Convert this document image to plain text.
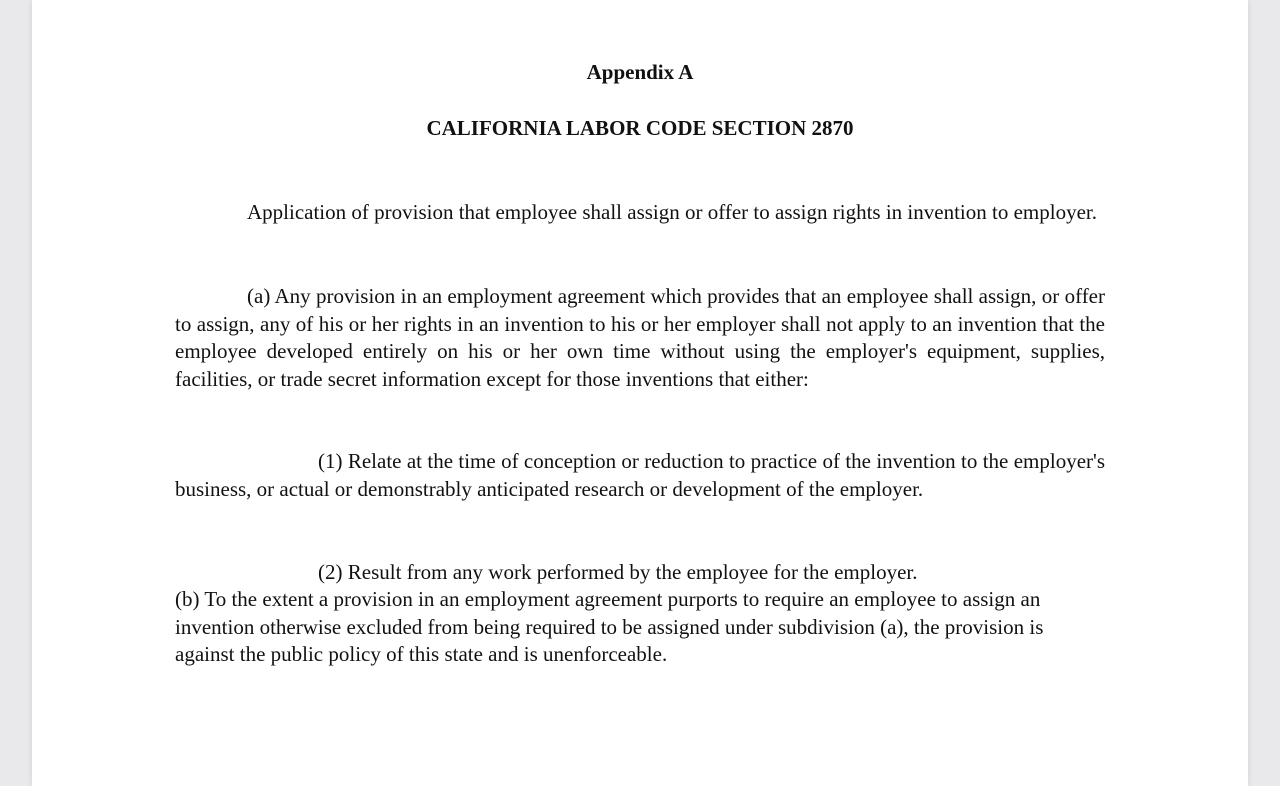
Appendix A
CALIFORNIA LABOR CODE SECTION 2870

Application of provision that employee shall assign or offer to assign rights in invention to employer.

(a) Any provision in an employment agreement which provides that an employee shall assign, or offer to assign, any of his or her rights in an invention to his or her employer shall not apply to an invention that the employee developed entirely on his or her own time without using the employer's equipment, supplies, facilities, or trade secret information except for those inventions that either:

(1) Relate at the time of conception or reduction to practice of the invention to the employer's business, or actual or demonstrably anticipated research or development of the employer.

(2) Result from any work performed by the employee for the employer.

(b) To the extent a provision in an employment agreement purports to require an employee to assign an invention otherwise excluded from being required to be assigned under subdivision (a), the provision is against the public policy of this state and is unenforceable.
